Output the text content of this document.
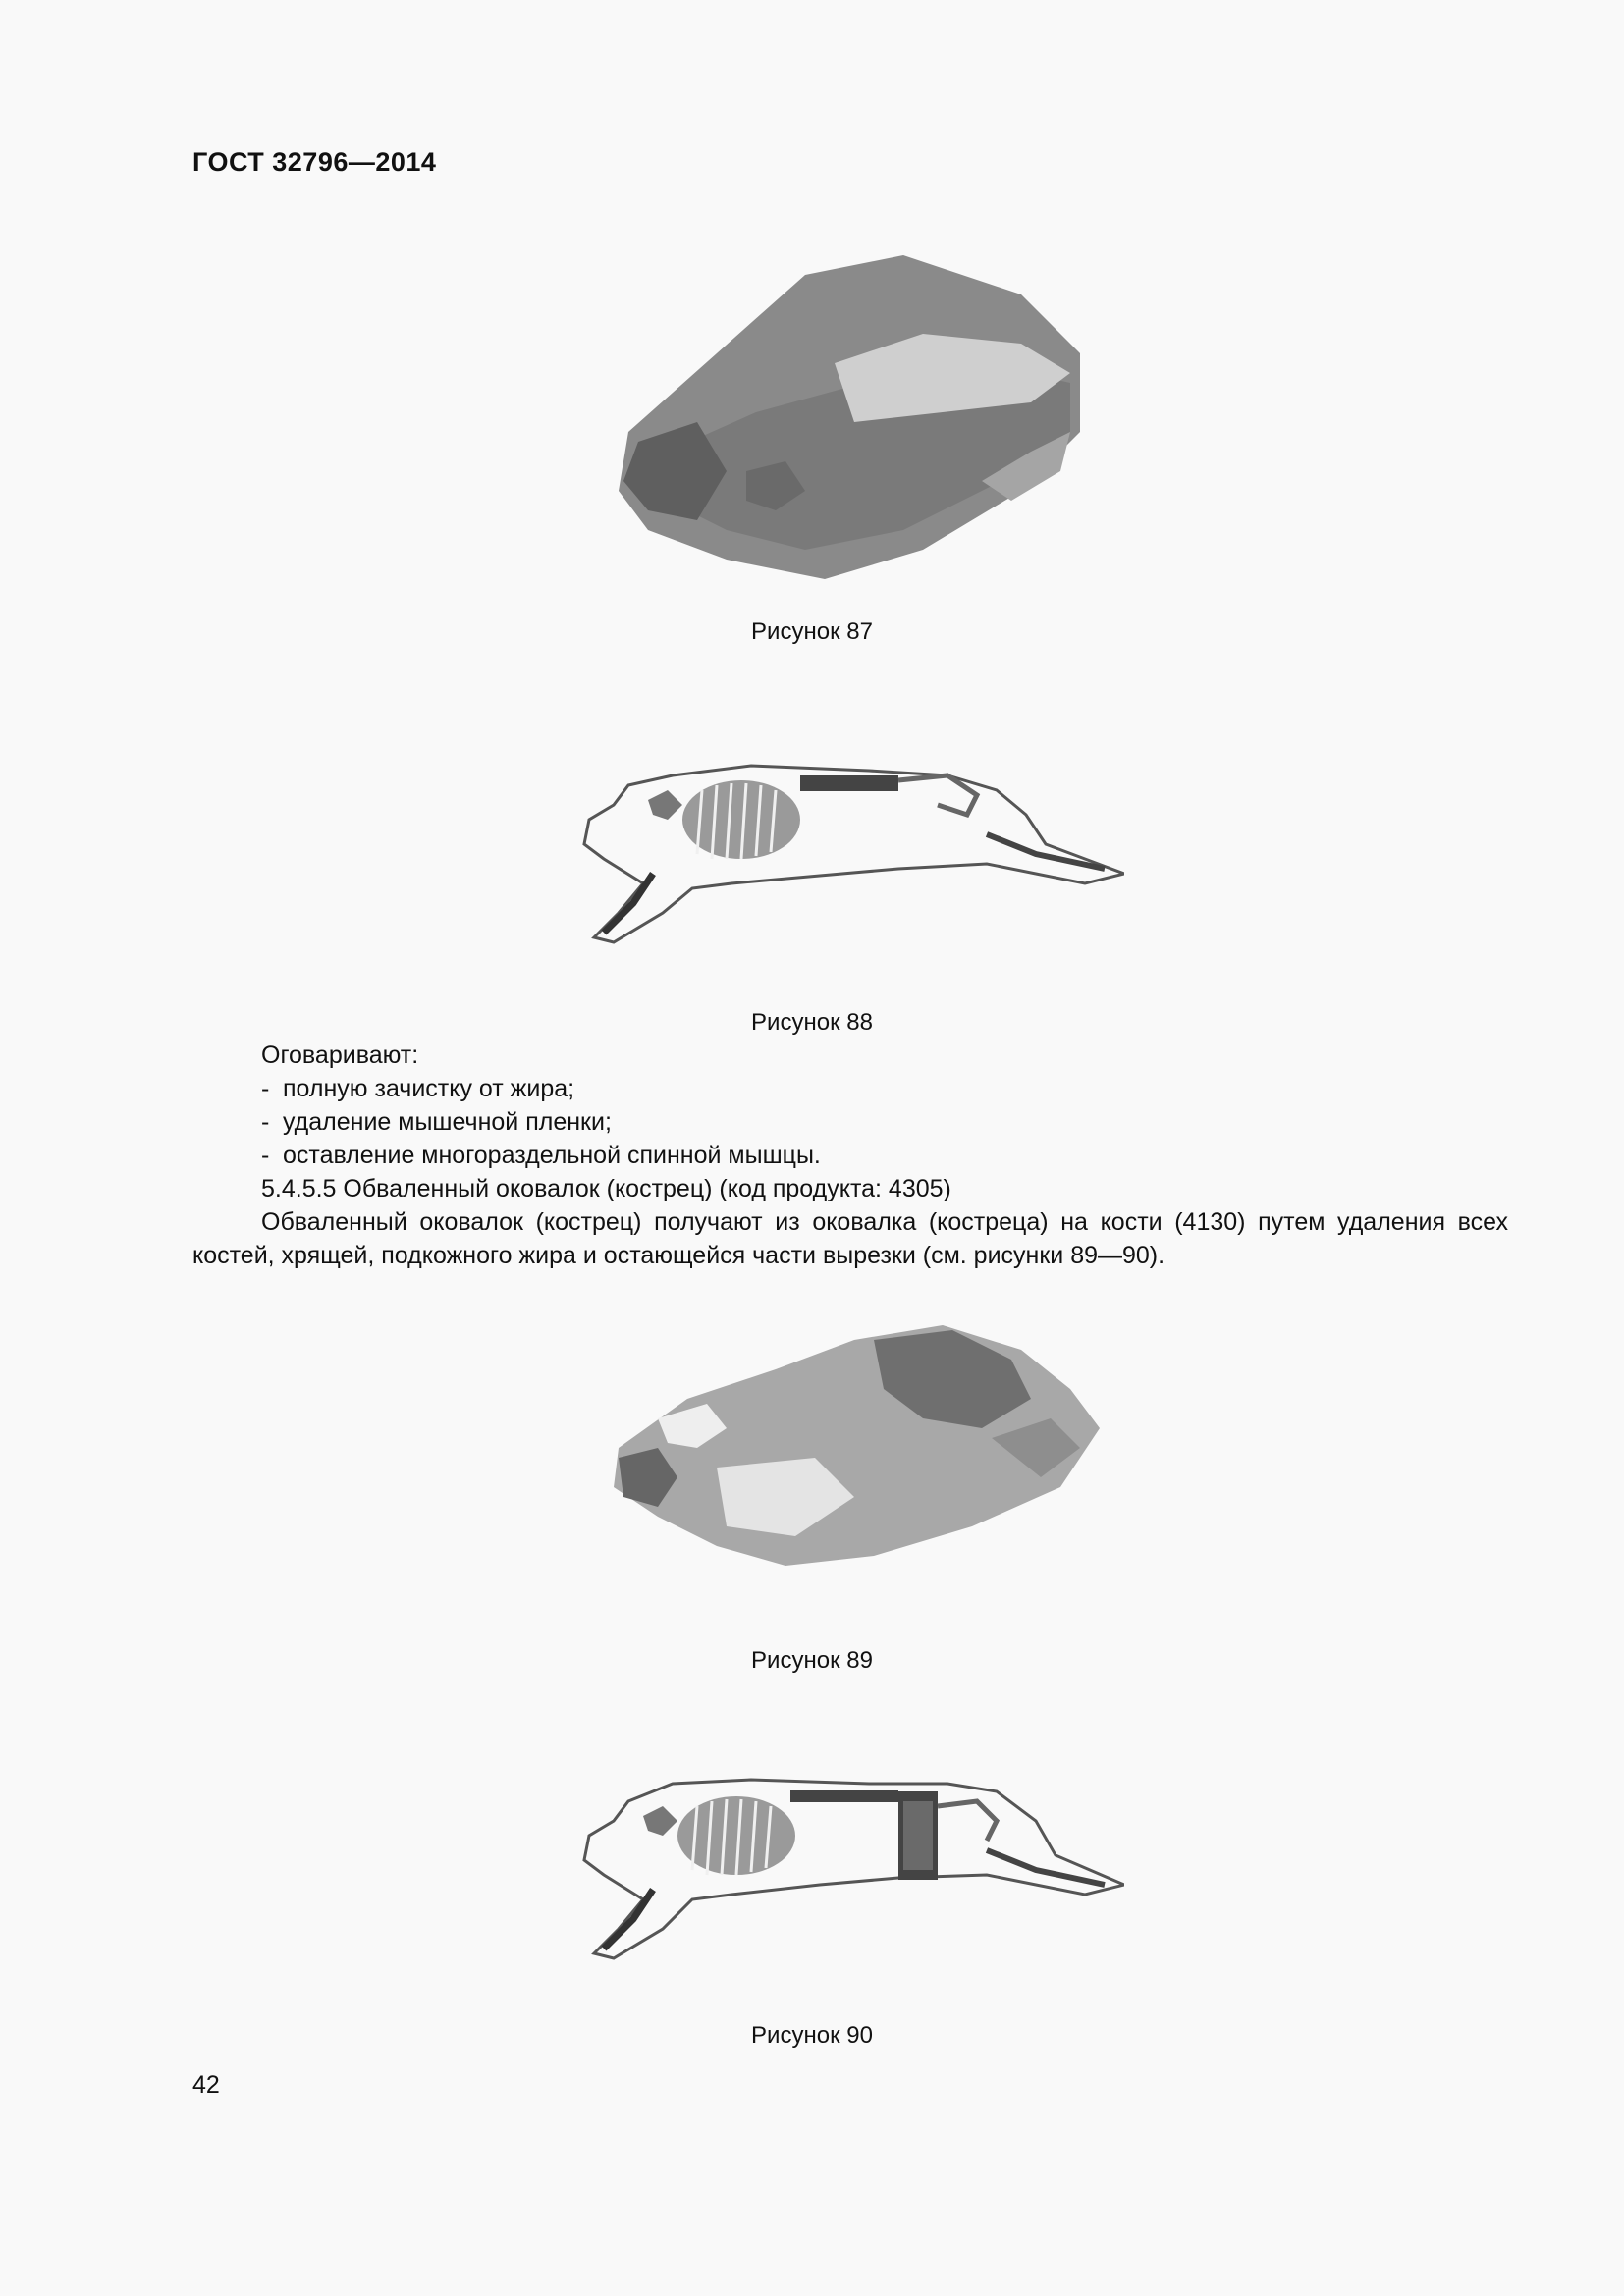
ГОСТ 32796—2014
Рисунок 87
Рисунок 88

Оговаривают:

- полную зачистку от жира;

- удаление мышечной пленки;

- оставление многораздельной спинной мышцы.

5.4.5.5 Обваленный оковалок (кострец) (код продукта: 4305)

Обваленный оковалок (кострец) получают из оковалка (кострeца) на кости (4130) путем удаления всех костей, хрящей, подкожного жира и остающейся части вырезки (см. рисунки 89—90).

Рисунок 89
Рисунок 90
42
